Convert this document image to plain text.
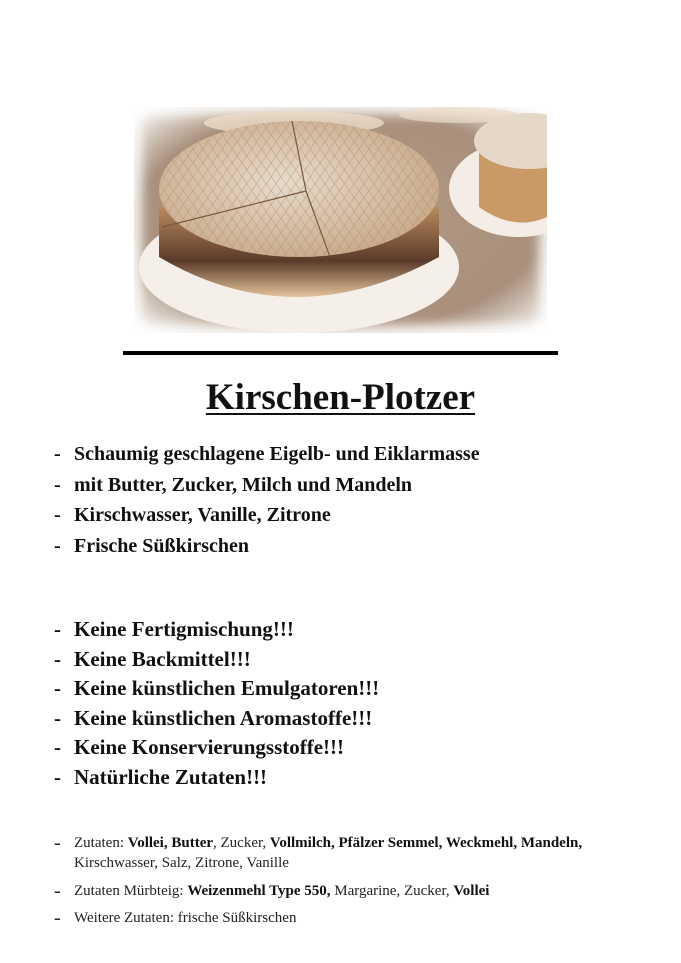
Kirschen-Plotzer
- Schaumig geschlagene Eigelb- und Eiklarmasse
- mit Butter, Zucker, Milch und Mandeln
- Kirschwasser, Vanille, Zitrone
- Frische Süßkirschen
- Keine Fertigmischung!!!
- Keine Backmittel!!!
- Keine künstlichen Emulgatoren!!!
- Keine künstlichen Aromastoffe!!!
- Keine Konservierungsstoffe!!!
- Natürliche Zutaten!!!
- Zutaten: Vollei, Butter, Zucker, Vollmilch, Pfälzer Semmel, Weckmehl, Mandeln,
Kirschwasser, Salz, Zitrone, Vanille
- Zutaten Mürbteig: Weizenmehl Type 550, Margarine, Zucker, Vollei
- Weitere Zutaten: frische Süßkirschen
